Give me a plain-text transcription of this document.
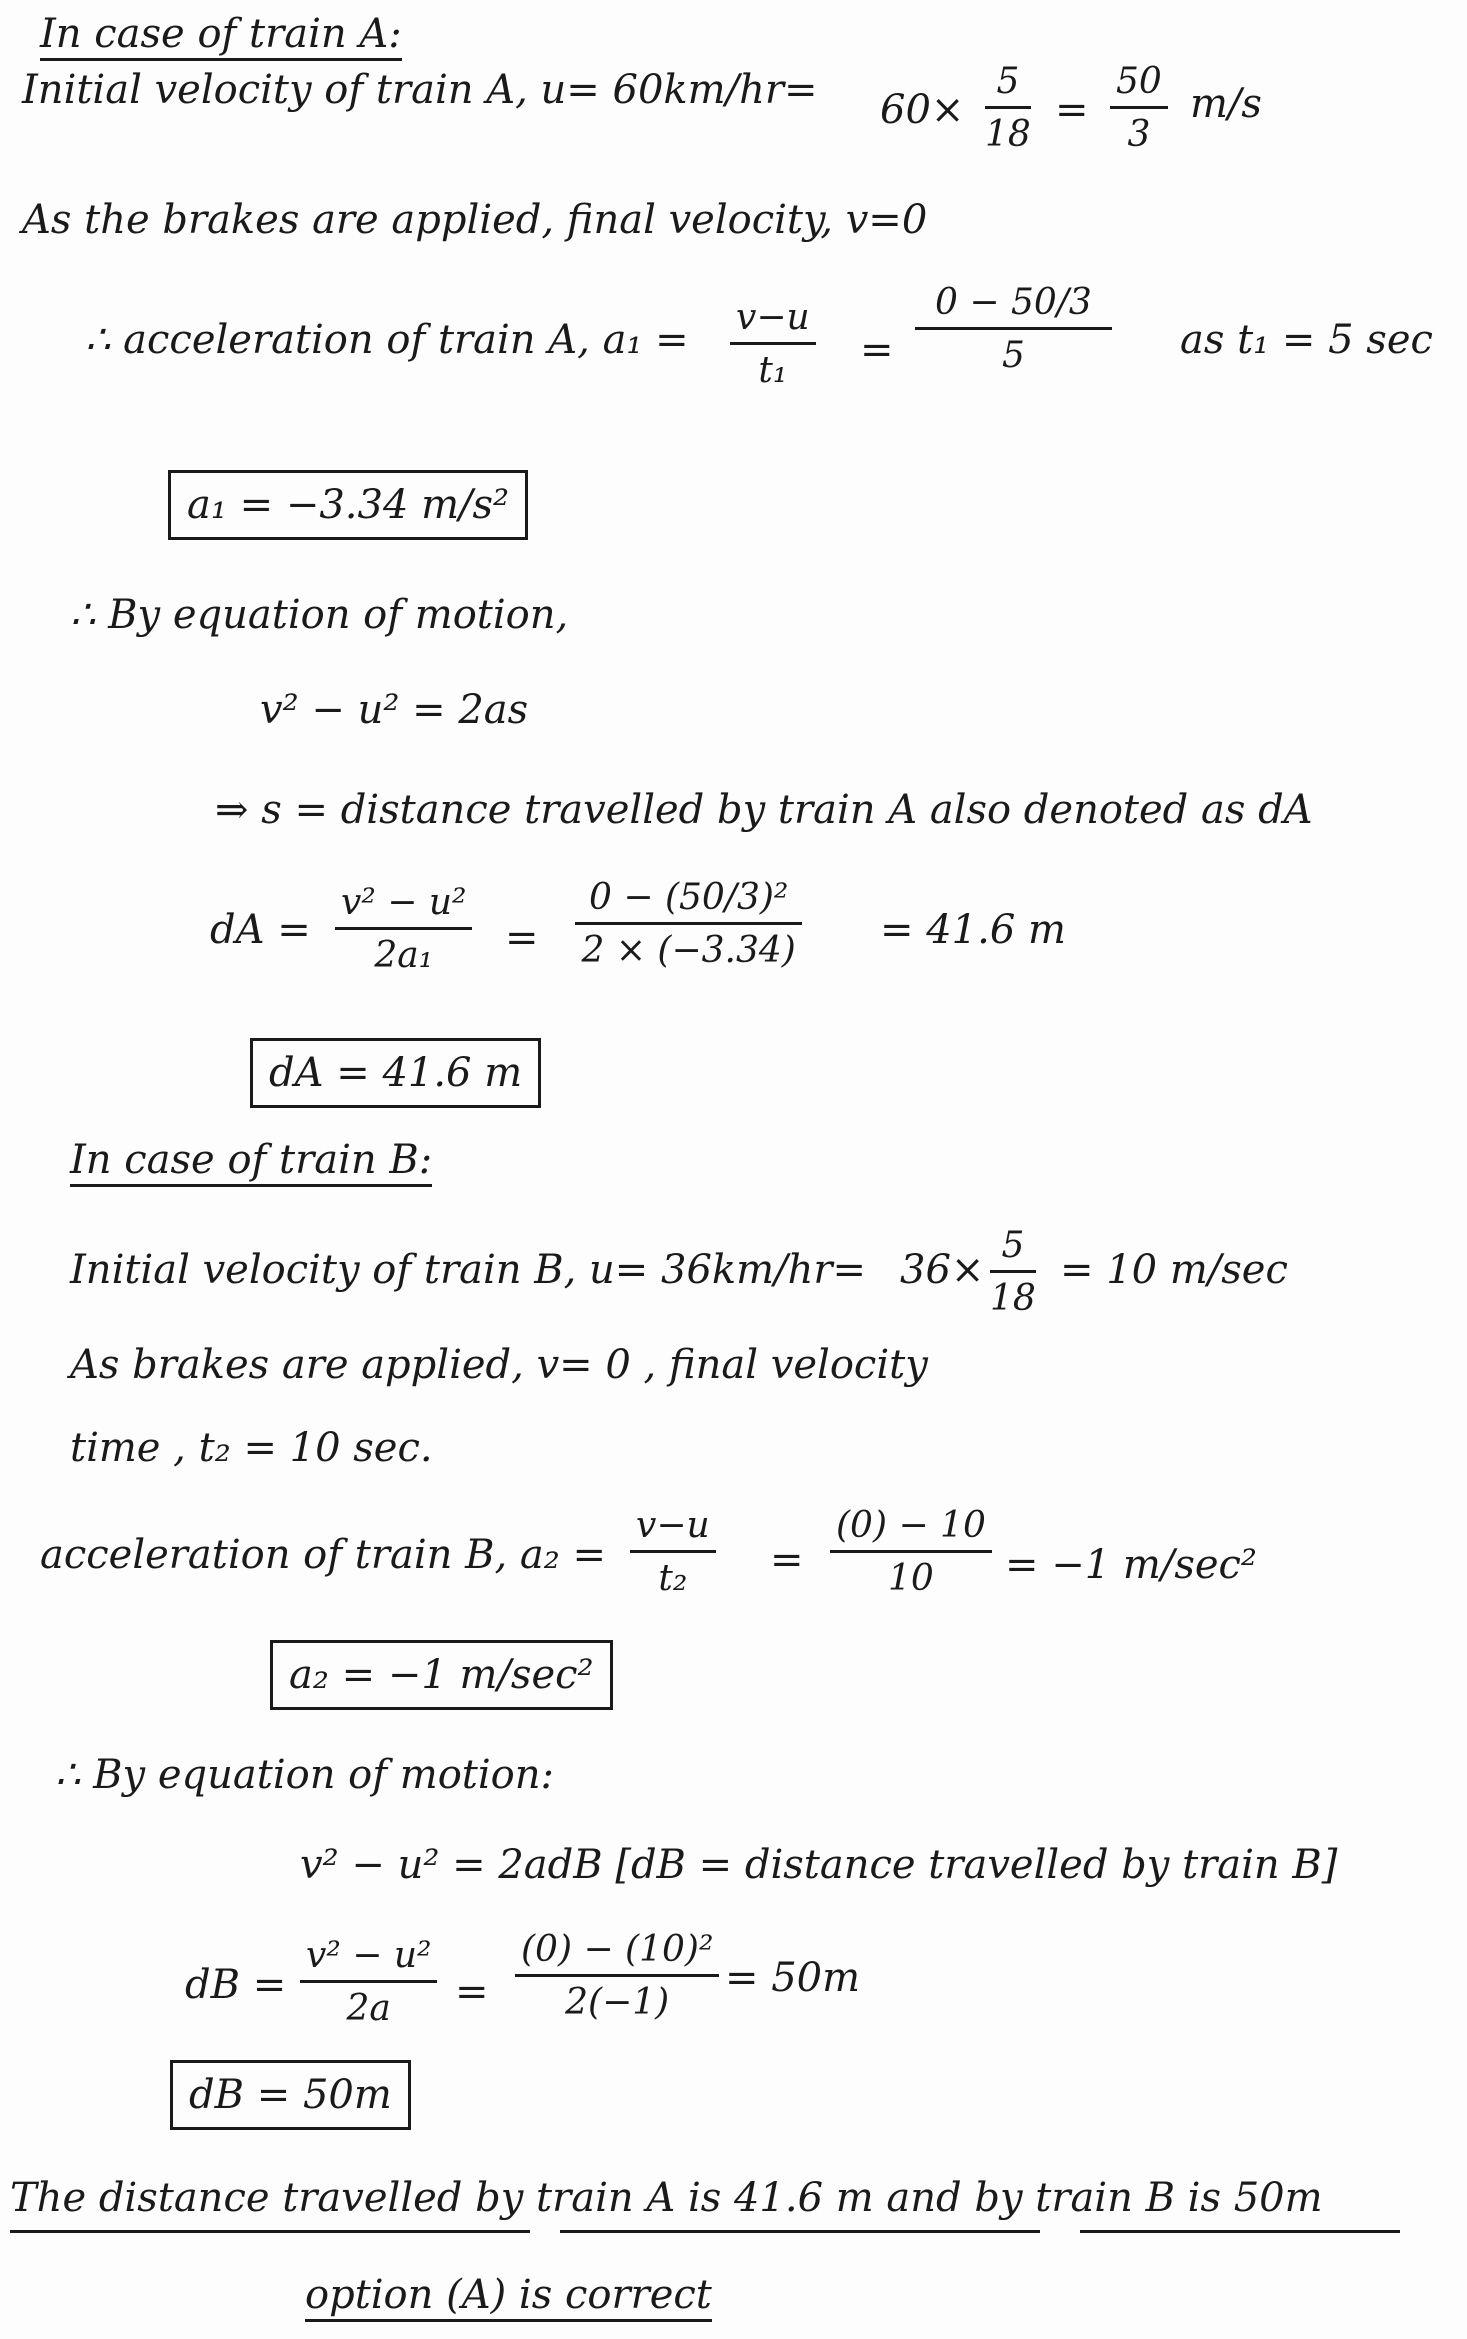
In case of train A:
Initial velocity of train A, u= 60km/hr= 60×
5
18
=
50
3
m/s
As the brakes are applied, final velocity, v=0
∴ acceleration of train A, a₁ = v−u
t₁ =
0 − 50/3
5	as t₁ = 5 sec
a₁ = −3.34 m/s²
∴ By equation of motion,
v² − u² = 2as
⇒ s = distance travelled by train A also denoted as dA
dA =
v² − u²
2a₁ =
0 − (50/3)²
2 × (−3.34) = 41.6 m
dA = 41.6 m
In case of train B:
Initial velocity of train B, u= 36km/hr= 36×
5
18
= 10 m/sec
As brakes are applied, v= 0 , final velocity
time , t₂ = 10 sec.
acceleration of train B, a₂ =
v−u
t₂ =
(0) − 10
10 = −1 m/sec²
a₂ = −1 m/sec²
∴ By equation of motion:
v² − u² = 2adB [dB = distance travelled by train B]
dB =
v² − u²
2a =
(0) − (10)²
2(−1)
= 50m
dB = 50m
The distance travelled by train A is 41.6 m and by train B is 50m
option (A) is correct
